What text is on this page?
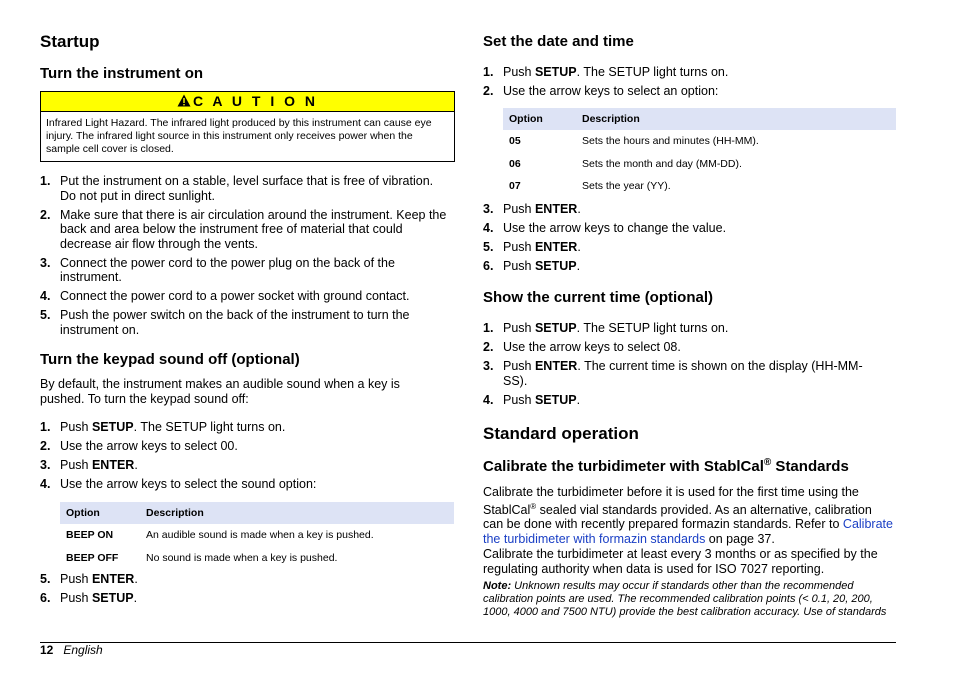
Startup
Turn the instrument on
C A U T I O N
Infrared Light Hazard. The infrared light produced by this instrument can cause eye injury. The infrared light source in this instrument only receives power when the sample cell cover is closed.
1. Put the instrument on a stable, level surface that is free of vibration. Do not put in direct sunlight.
2. Make sure that there is air circulation around the instrument. Keep the back and area below the instrument free of material that could decrease air flow through the vents.
3. Connect the power cord to the power plug on the back of the instrument.
4. Connect the power cord to a power socket with ground contact.
5. Push the power switch on the back of the instrument to turn the instrument on.
Turn the keypad sound off (optional)
By default, the instrument makes an audible sound when a key is pushed. To turn the keypad sound off:
1. Push SETUP. The SETUP light turns on.
2. Use the arrow keys to select 00.
3. Push ENTER.
4. Use the arrow keys to select the sound option:
Option	Description
BEEP ON	An audible sound is made when a key is pushed.
BEEP OFF	No sound is made when a key is pushed.
5. Push ENTER.
6. Push SETUP.
Set the date and time
1. Push SETUP. The SETUP light turns on.
2. Use the arrow keys to select an option:
Option	Description
05	Sets the hours and minutes (HH-MM).
06	Sets the month and day (MM-DD).
07	Sets the year (YY).
3. Push ENTER.
4. Use the arrow keys to change the value.
5. Push ENTER.
6. Push SETUP.
Show the current time (optional)
1. Push SETUP. The SETUP light turns on.
2. Use the arrow keys to select 08.
3. Push ENTER. The current time is shown on the display (HH-MM-SS).
4. Push SETUP.
Standard operation
Calibrate the turbidimeter with StablCal® Standards
Calibrate the turbidimeter before it is used for the first time using the StablCal® sealed vial standards provided. As an alternative, calibration can be done with recently prepared formazin standards. Refer to Calibrate the turbidimeter with formazin standards on page 37.
Calibrate the turbidimeter at least every 3 months or as specified by the regulating authority when data is used for ISO 7027 reporting.
Note: Unknown results may occur if standards other than the recommended calibration points are used. The recommended calibration points (< 0.1, 20, 200, 1000, 4000 and 7500 NTU) provide the best calibration accuracy. Use of standards
12 English
